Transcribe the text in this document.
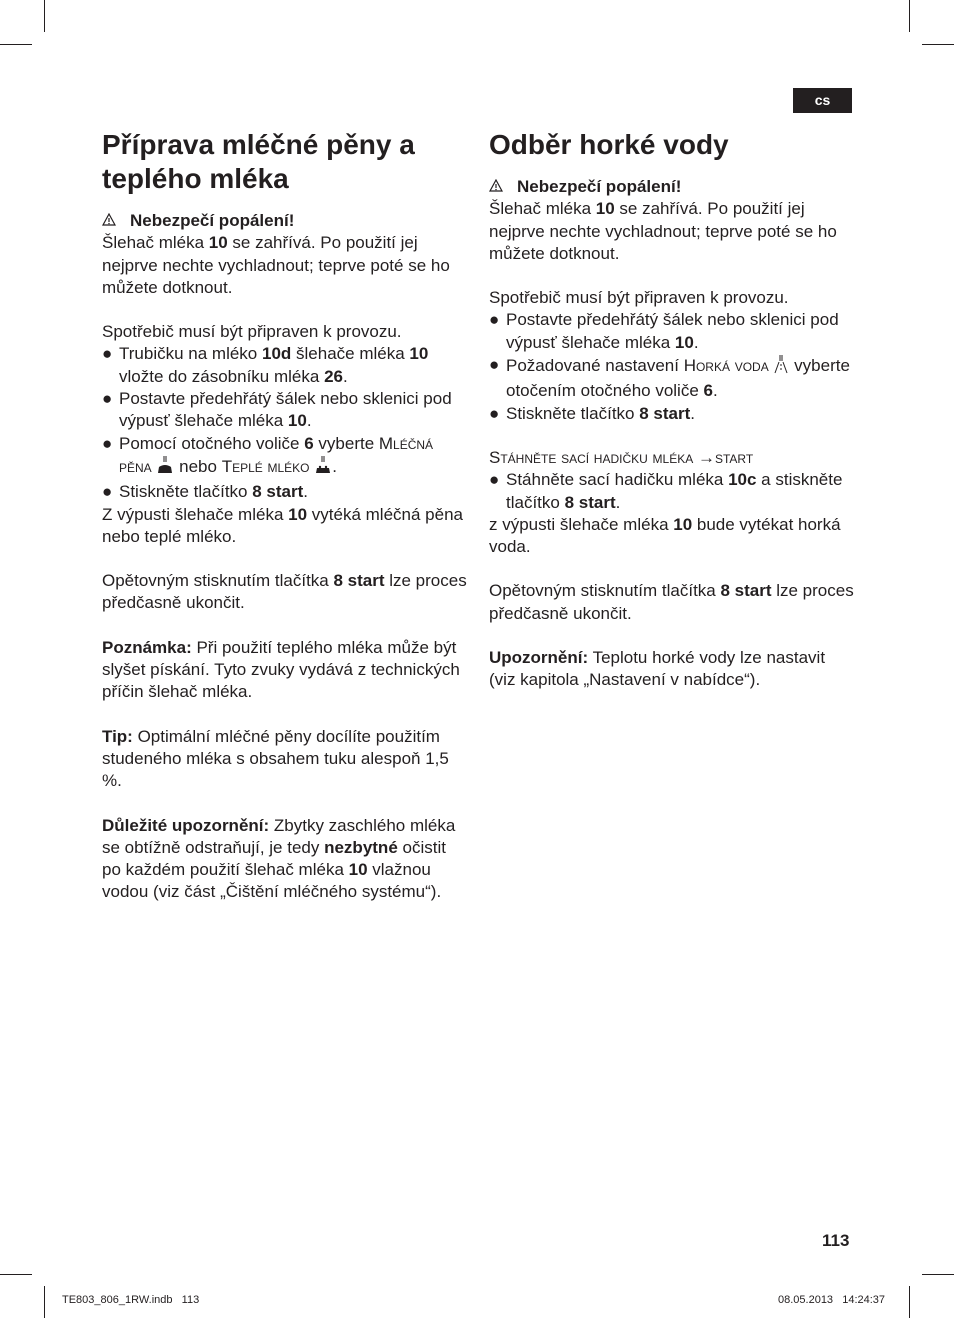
cs
Příprava mléčné pěny a teplého mléka

Nebezpečí popálení!

Šlehač mléka 10 se zahřívá. Po použití jej nejprve nechte vychladnout; teprve poté se ho můžete dotknout.

Spotřebič musí být připraven k provozu.

● Trubičku na mléko 10d šlehače mléka 10 vložte do zásobníku mléka 26.
● Postavte předehřátý šálek nebo sklenici pod výpusť šlehače mléka 10.
● Pomocí otočného voliče 6 vyberte Mléčná pěna  nebo Teplé mléko .
● Stiskněte tlačítko 8 start.

Z výpusti šlehače mléka 10 vytéká mléčná pěna nebo teplé mléko.

Opětovným stisknutím tlačítka 8 start lze proces předčasně ukončit.

Poznámka: Při použití teplého mléka může být slyšet pískání. Tyto zvuky vydává z technických příčin šlehač mléka.

Tip: Optimální mléčné pěny docílíte použitím studeného mléka s obsahem tuku alespoň 1,5 %.

Důležité upozornění: Zbytky zaschlého mléka se obtížně odstraňují, je tedy nezbytné očistit po každém použití šlehač mléka 10 vlažnou vodou (viz část „Čištění mléčného systému“).

Odběr horké vody

Nebezpečí popálení!

Šlehač mléka 10 se zahřívá. Po použití jej nejprve nechte vychladnout; teprve poté se ho můžete dotknout.

Spotřebič musí být připraven k provozu.

● Postavte předehřátý šálek nebo sklenici pod výpusť šlehače mléka 10.
● Požadované nastavení Horká voda  vyberte otočením otočného voliče 6.
● Stiskněte tlačítko 8 start.

Stáhněte sací hadičku mléka →start

● Stáhněte sací hadičku mléka 10c a stiskněte tlačítko 8 start.

z výpusti šlehače mléka 10 bude vytékat horká voda.

Opětovným stisknutím tlačítka 8 start lze proces předčasně ukončit.

Upozornění: Teplotu horké vody lze nastavit (viz kapitola „Nastavení v nabídce“).

113
TE803_806_1RW.indb   113	08.05.2013   14:24:37
